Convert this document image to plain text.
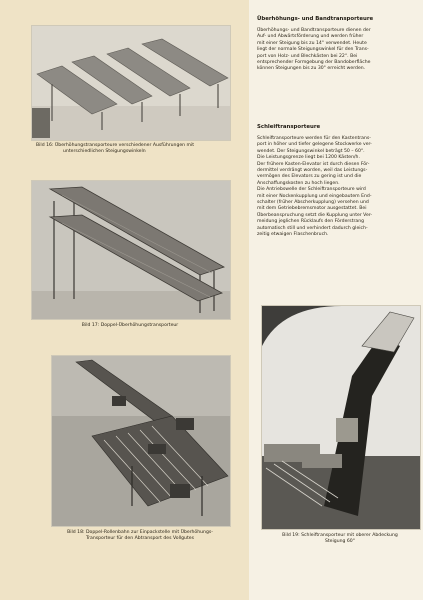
Bild 16: Überhöhungstransporteure verschiedener Ausführungen mit
unterschiedlichen Steigungswinkeln
Bild 17: Doppel-Überhöhungstransporteur
Bild 18: Doppel-Rollenbahn zur Einpackstelle mit Überhöhungs-
Transporteur für den Abtransport des Vollgutes
Bild 19: Schleiftransporteur mit oberer Abdeckung
Steigung 60°
Überhöhungs- und Bandtransporteure

Überhöhungs- und Bandtransporteure dienen der

Auf- und Abwärtsförderung und werden früher

mit einer Steigung bis zu 14° verwendet. Heute

liegt der normale Steigungswinkel für den Trans-

port von Holz- und Blechkästen bei 22°. Bei

entsprechender Formgebung der Bandoberfläche

können Steigungen bis zu 30° erreicht werden.

Schleiftransporteure

Schleiftransporteure werden für den Kastentrans-

port in höher und tiefer gelegene Stockwerke ver-

wendet. Der Steigungswinkel beträgt 50 – 60°.

Die Leistungsgrenze liegt bei 1200 Kästen/h.

Der frühere Kasten-Elevator ist durch diesen För-

dermittel verdrängt worden, weil das Leistungs-

vermögen des Elevators zu gering ist und die

Anschaffungskosten zu hoch liegen.

Die Antriebswelle der Schleiftransporteure wird

mit einer Nockenkupplung und eingebautem End-

schalter (früher Abscherkupplung) versehen und

mit dem Getriebebremsmotor ausgestattet. Bei

Überbeanspruchung setzt die Kupplung unter Ver-

meidung jeglichen Rücklaufs den Förderstrang

automatisch still und verhindert dadurch gleich-

zeitig etwaigen Flaschenbruch.
